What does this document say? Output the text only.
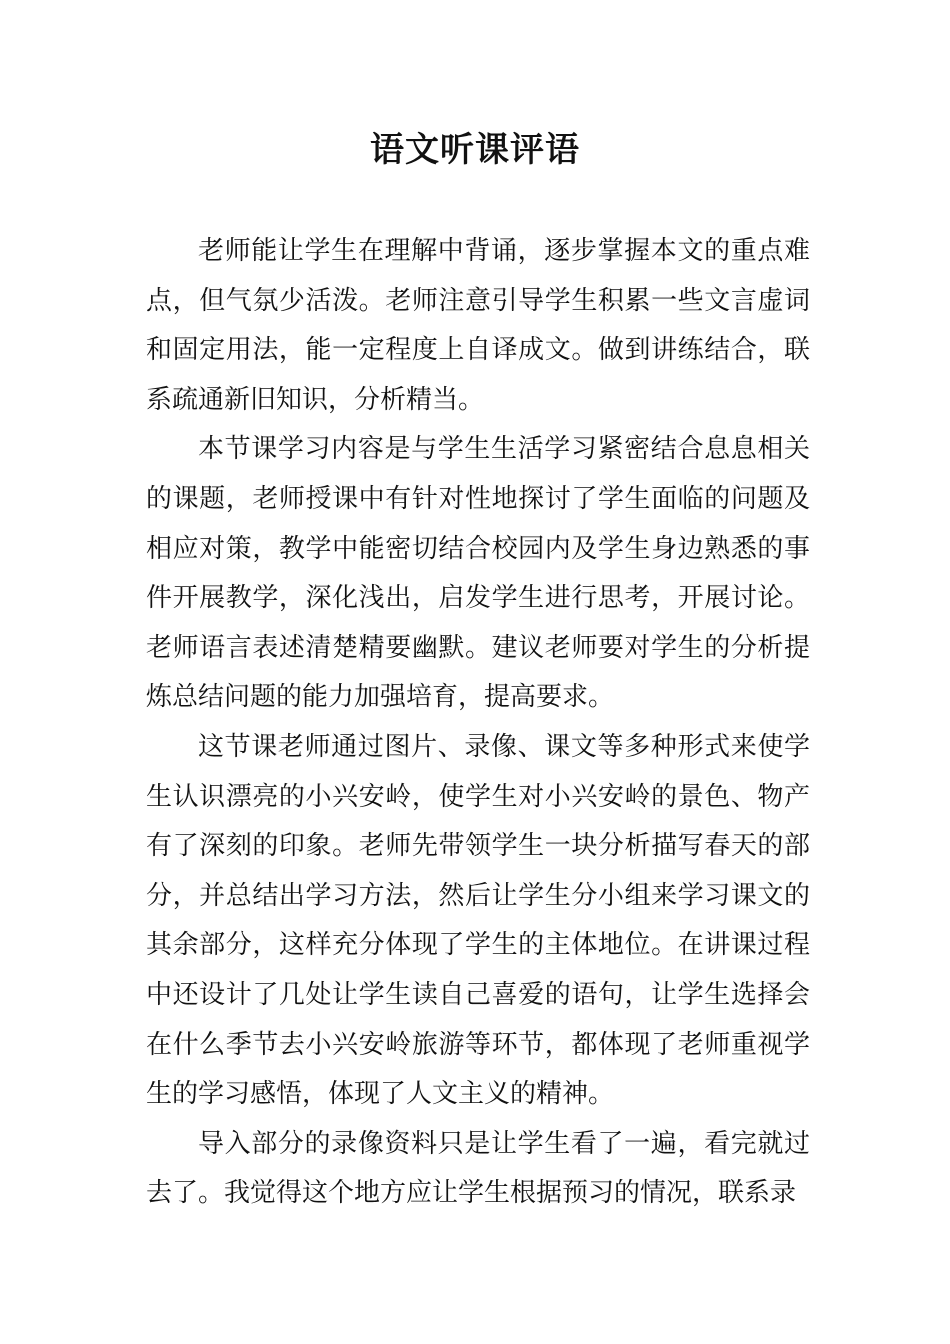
语文听课评语

老师能让学生在理解中背诵，逐步掌握本文的重点难点，但气氛少活泼。老师注意引导学生积累一些文言虚词和固定用法，能一定程度上自译成文。做到讲练结合，联系疏通新旧知识，分析精当。

本节课学习内容是与学生生活学习紧密结合息息相关的课题，老师授课中有针对性地探讨了学生面临的问题及相应对策，教学中能密切结合校园内及学生身边熟悉的事件开展教学，深化浅出，启发学生进行思考，开展讨论。老师语言表述清楚精要幽默。建议老师要对学生的分析提炼总结问题的能力加强培育，提高要求。

这节课老师通过图片、录像、课文等多种形式来使学生认识漂亮的小兴安岭，使学生对小兴安岭的景色、物产有了深刻的印象。老师先带领学生一块分析描写春天的部分，并总结出学习方法，然后让学生分小组来学习课文的其余部分，这样充分体现了学生的主体地位。在讲课过程中还设计了几处让学生读自己喜爱的语句，让学生选择会在什么季节去小兴安岭旅游等环节，都体现了老师重视学生的学习感悟，体现了人文主义的精神。

导入部分的录像资料只是让学生看了一遍，看完就过去了。我觉得这个地方应让学生根据预习的情况，联系录
